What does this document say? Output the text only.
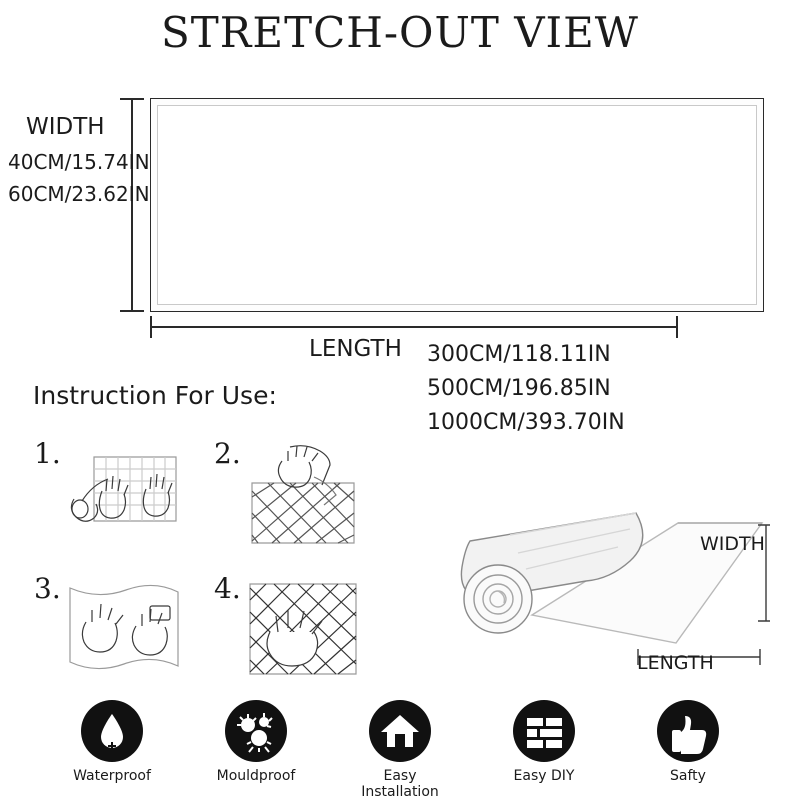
STRETCH-OUT VIEW
WIDTH
40CM/15.74IN
60CM/23.62IN
LENGTH 300CM/118.11IN
500CM/196.85IN
1000CM/393.70IN
Instruction For Use:
1.	2.
3.	4.
WIDTH
LENGTH
Waterproof	Mouldproof	Easy Installation
Easy DIY	Safty
